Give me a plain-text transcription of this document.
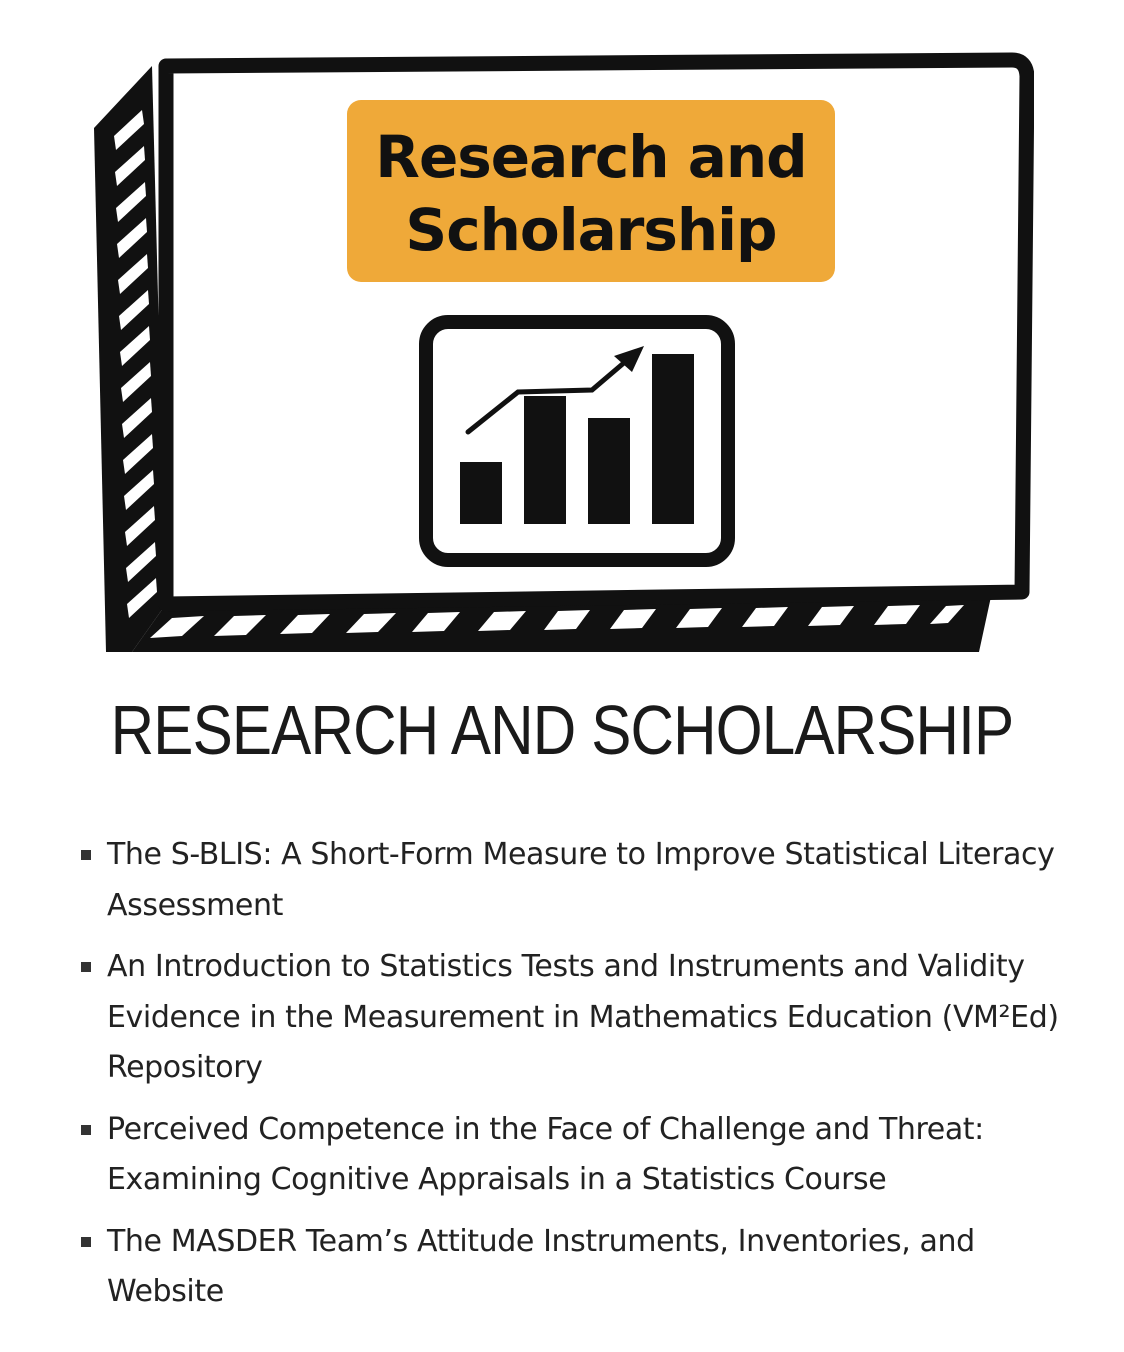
Research and
Scholarship
RESEARCH AND SCHOLARSHIP
The S-BLIS: A Short-Form Measure to Improve Statistical Literacy Assessment
An Introduction to Statistics Tests and Instruments and Validity Evidence in the Measurement in Mathematics Education (VM²Ed) Repository
Perceived Competence in the Face of Challenge and Threat: Examining Cognitive Appraisals in a Statistics Course
The MASDER Team’s Attitude Instruments, Inventories, and Website
